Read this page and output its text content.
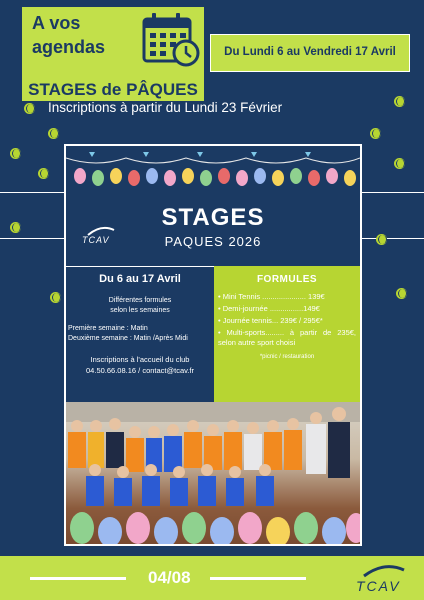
A vos
agendas	Du Lundi 6 au Vendredi 17 Avril
STAGES de PÂQUES
Inscriptions à partir du Lundi 23 Février
TCAV
STAGES
PAQUES 2026
Du 6 au 17 Avril
Différentes formules
selon les semaines
Première semaine : Matin
Deuxième semaine : Matin /Après Midi
Inscriptions à l'accueil du club
04.50.66.08.16 / contact@tcav.fr
FORMULES
• Mini Tennis ..................... 139€
• Demi-journée ................149€
• Journée tennis... 239€ / 295€*
• Multi-sports......... à partir de 235€, selon autre sport choisi
*picnic / restauration
04/08	TCAV
